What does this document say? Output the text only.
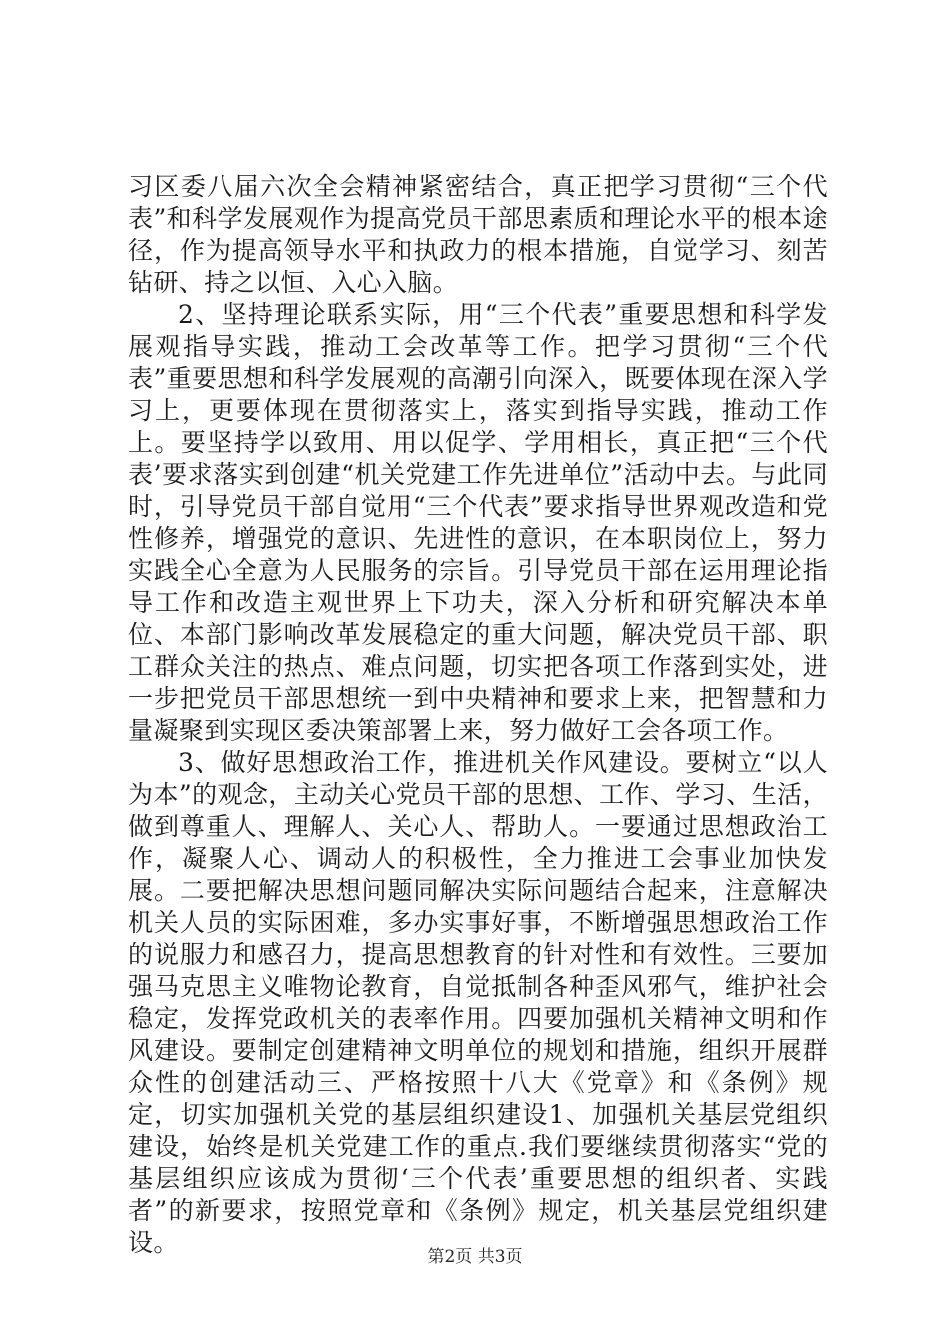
习区委八届六次全会精神紧密结合，真正把学习贯彻“三个代表”和科学发展观作为提高党员干部思素质和理论水平的根本途径，作为提高领导水平和执政力的根本措施，自觉学习、刻苦钻研、持之以恒、入心入脑。

2、坚持理论联系实际，用“三个代表”重要思想和科学发展观指导实践，推动工会改革等工作。把学习贯彻“三个代表”重要思想和科学发展观的高潮引向深入，既要体现在深入学习上，更要体现在贯彻落实上，落实到指导实践，推动工作上。要坚持学以致用、用以促学、学用相长，真正把“三个代表’要求落实到创建“机关党建工作先进单位”活动中去。与此同时，引导党员干部自觉用“三个代表”要求指导世界观改造和党性修养，增强党的意识、先进性的意识，在本职岗位上，努力实践全心全意为人民服务的宗旨。引导党员干部在运用理论指导工作和改造主观世界上下功夫，深入分析和研究解决本单位、本部门影响改革发展稳定的重大问题，解决党员干部、职工群众关注的热点、难点问题，切实把各项工作落到实处，进一步把党员干部思想统一到中央精神和要求上来，把智慧和力量凝聚到实现区委决策部署上来，努力做好工会各项工作。

3、做好思想政治工作，推进机关作风建设。要树立“以人为本”的观念，主动关心党员干部的思想、工作、学习、生活，做到尊重人、理解人、关心人、帮助人。一要通过思想政治工作，凝聚人心、调动人的积极性，全力推进工会事业加快发展。二要把解决思想问题同解决实际问题结合起来，注意解决机关人员的实际困难，多办实事好事，不断增强思想政治工作的说服力和感召力，提高思想教育的针对性和有效性。三要加强马克思主义唯物论教育，自觉抵制各种歪风邪气，维护社会稳定，发挥党政机关的表率作用。四要加强机关精神文明和作风建设。要制定创建精神文明单位的规划和措施，组织开展群众性的创建活动三、严格按照十八大《党章》和《条例》规定，切实加强机关党的基层组织建设1、加强机关基层党组织建设，始终是机关党建工作的重点.我们要继续贯彻落实“党的基层组织应该成为贯彻‘三个代表’重要思想的组织者、实践者”的新要求，按照党章和《条例》规定，机关基层党组织建设。	第2页 共3页
